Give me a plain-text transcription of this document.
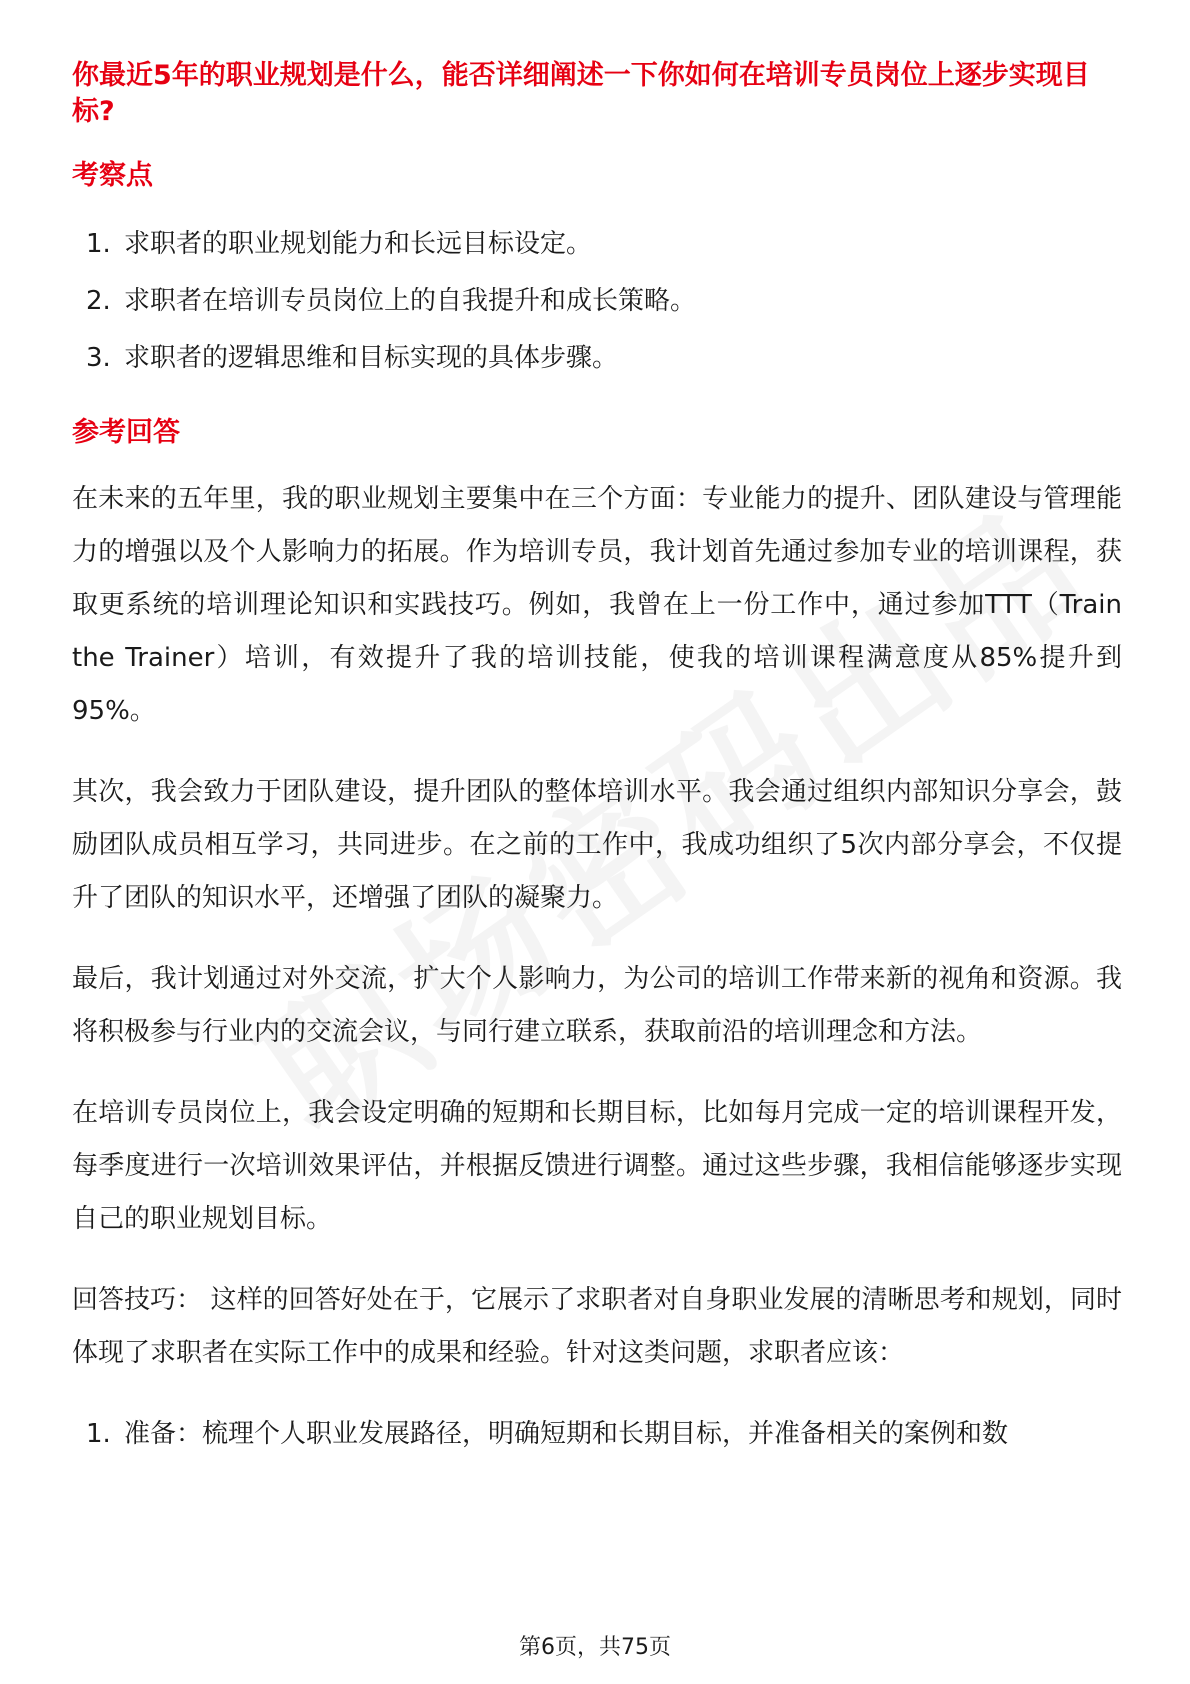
你最近5年的职业规划是什么，能否详细阐述一下你如何在培训专员岗位上逐步实现目标?
考察点
1. 求职者的职业规划能力和长远目标设定。
2. 求职者在培训专员岗位上的自我提升和成长策略。
3. 求职者的逻辑思维和目标实现的具体步骤。
参考回答

在未来的五年里，我的职业规划主要集中在三个方面：专业能力的提升、团队建设与管理能力的增强以及个人影响力的拓展。作为培训专员，我计划首先通过参加专业的培训课程，获取更系统的培训理论知识和实践技巧。例如，我曾在上一份工作中，通过参加TTT（Train the Trainer）培训，有效提升了我的培训技能，使我的培训课程满意度从85%提升到95%。

其次，我会致力于团队建设，提升团队的整体培训水平。我会通过组织内部知识分享会，鼓励团队成员相互学习，共同进步。在之前的工作中，我成功组织了5次内部分享会，不仅提升了团队的知识水平，还增强了团队的凝聚力。

最后，我计划通过对外交流，扩大个人影响力，为公司的培训工作带来新的视角和资源。我将积极参与行业内的交流会议，与同行建立联系，获取前沿的培训理念和方法。

在培训专员岗位上，我会设定明确的短期和长期目标，比如每月完成一定的培训课程开发，每季度进行一次培训效果评估，并根据反馈进行调整。通过这些步骤，我相信能够逐步实现自己的职业规划目标。

回答技巧： 这样的回答好处在于，它展示了求职者对自身职业发展的清晰思考和规划，同时体现了求职者在实际工作中的成果和经验。针对这类问题，求职者应该：

1. 准备：梳理个人职业发展路径，明确短期和长期目标，并准备相关的案例和数
第6页，共75页
